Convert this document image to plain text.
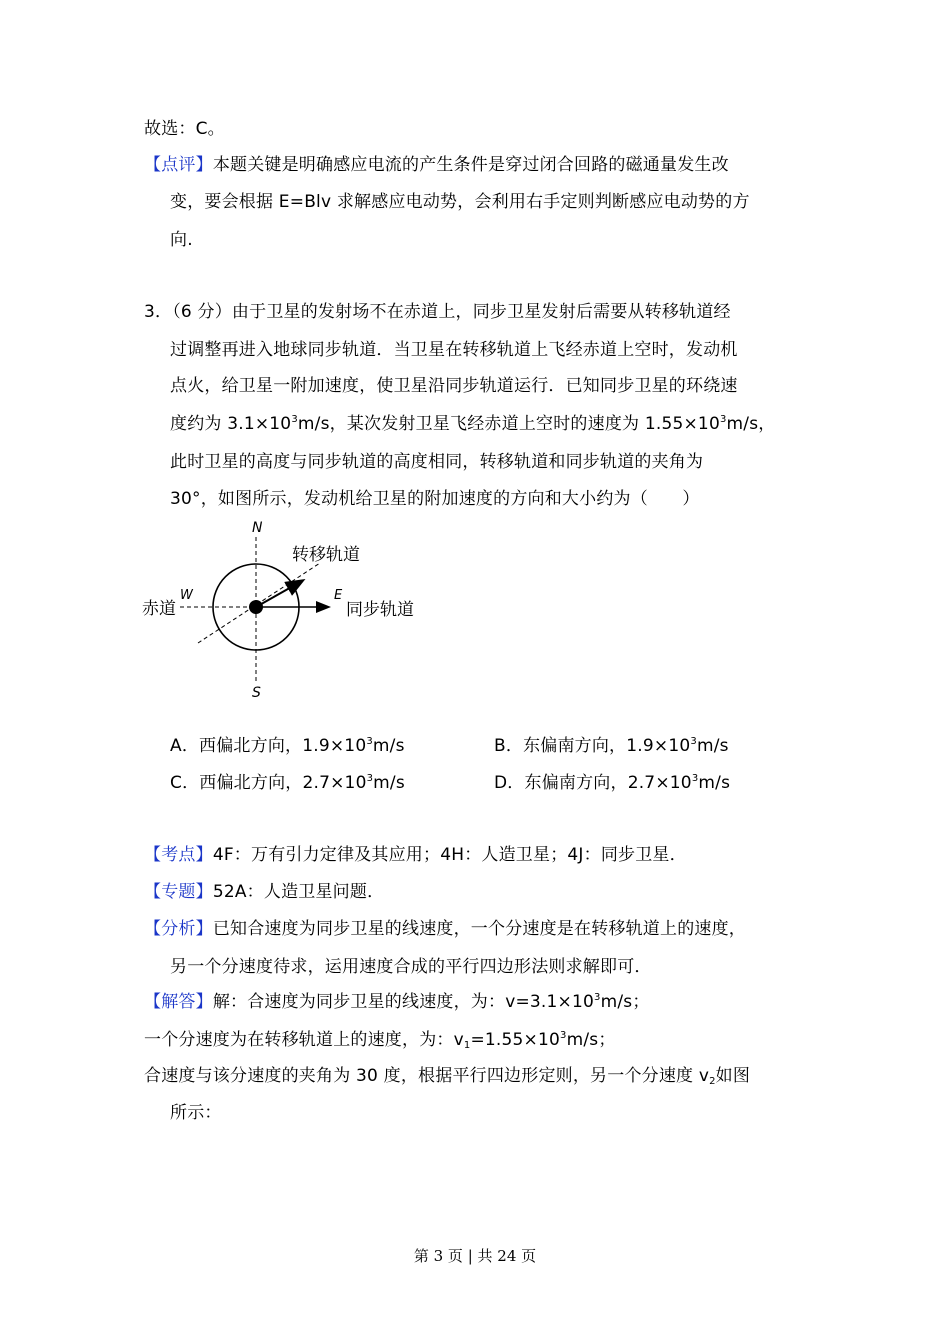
故选：C。
【点评】本题关键是明确感应电流的产生条件是穿过闭合回路的磁通量发生改
变，要会根据 E=Blv 求解感应电动势，会利用右手定则判断感应电动势的方
向.
3．（6 分）由于卫星的发射场不在赤道上，同步卫星发射后需要从转移轨道经
过调整再进入地球同步轨道．当卫星在转移轨道上飞经赤道上空时，发动机
点火，给卫星一附加速度，使卫星沿同步轨道运行．已知同步卫星的环绕速
度约为 $3.1\times 10^3m/s$，某次发射卫星飞经赤道上空时的速度为 $1.55\times 10^3m/s$，
此时卫星的高度与同步轨道的高度相同，转移轨道和同步轨道的夹角为
30°，如图所示，发动机给卫星的附加速度的方向和大小约为（　　）
N
S
W	E
赤道
转移轨道
同步轨道
A．西偏北方向，$1.9\times 10^3m/s$	B．东偏南方向，$1.9\times 10^3m/s$
C．西偏北方向，$2.7\times 10^3m/s$	D．东偏南方向，$2.7\times 10^3m/s$
【考点】4F：万有引力定律及其应用；4H：人造卫星；4J：同步卫星．
【专题】52A：人造卫星问题．
【分析】已知合速度为同步卫星的线速度，一个分速度是在转移轨道上的速度，
另一个分速度待求，运用速度合成的平行四边形法则求解即可．
【解答】解：合速度为同步卫星的线速度，为：$v=3.1\times 10^3m/s$；
一个分速度为在转移轨道上的速度，为：$v_1=1.55\times 10^3m/s$；
合速度与该分速度的夹角为 30 度，根据平行四边形定则，另一个分速度 $v_2$如图
所示：
第 3 页 | 共 24 页
